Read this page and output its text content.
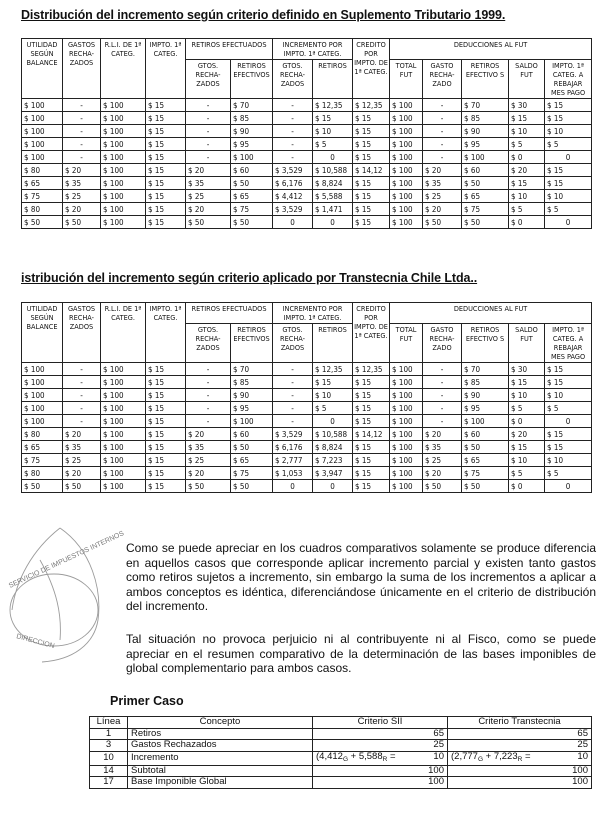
Distribución del incremento según criterio definido en Suplemento Tributario 1999.
UTILIDAD SEGÚN BALANCE	GASTOS RECHA-ZADOS	R.L.I. DE 1ª CATEG.	IMPTO. 1ª CATEG.	RETIROS EFECTUADOS		INCREMENTO POR IMPTO. 1ª CATEG.		CREDITO POR IMPTO. DE 1ª CATEG.	DEDUCCIONES AL FUT				
				GTOS. RECHA-ZADOS	RETIROS EFECTIVOS	GTOS. RECHA-ZADOS	RETIROS		TOTAL FUT	GASTO RECHA-ZADO	RETIROS EFECTIVO S	SALDO FUT	IMPTO. 1ª CATEG. A REBAJAR MES PAGO
$ 100	-	$ 100	$ 15	-	$ 70	-	$ 12,35	$ 12,35	$ 100	-	$ 70	$ 30	$ 15
$ 100	-	$ 100	$ 15	-	$ 85	-	$ 15	$ 15	$ 100	-	$ 85	$ 15	$ 15
$ 100	-	$ 100	$ 15	-	$ 90	-	$ 10	$ 15	$ 100	-	$ 90	$ 10	$ 10
$ 100	-	$ 100	$ 15	-	$ 95	-	$ 5	$ 15	$ 100	-	$ 95	$ 5	$ 5
$ 100	-	$ 100	$ 15	-	$ 100	-	0	$ 15	$ 100	-	$ 100	$ 0	0
$ 80	$ 20	$ 100	$ 15	$ 20	$ 60	$ 3,529	$ 10,588	$ 14,12	$ 100	$ 20	$ 60	$ 20	$ 15
$ 65	$ 35	$ 100	$ 15	$ 35	$ 50	$ 6,176	$ 8,824	$ 15	$ 100	$ 35	$ 50	$ 15	$ 15
$ 75	$ 25	$ 100	$ 15	$ 25	$ 65	$ 4,412	$ 5,588	$ 15	$ 100	$ 25	$ 65	$ 10	$ 10
$ 80	$ 20	$ 100	$ 15	$ 20	$ 75	$ 3,529	$ 1,471	$ 15	$ 100	$ 20	$ 75	$ 5	$ 5
$ 50	$ 50	$ 100	$ 15	$ 50	$ 50	0	0	$ 15	$ 100	$ 50	$ 50	$ 0	0
istribución del incremento según criterio aplicado por Transtecnia Chile Ltda..
UTILIDAD SEGÚN BALANCE	GASTOS RECHA-ZADOS	R.L.I. DE 1ª CATEG.	IMPTO. 1ª CATEG.	RETIROS EFECTUADOS		INCREMENTO POR IMPTO. 1ª CATEG.		CREDITO POR IMPTO. DE 1ª CATEG.	DEDUCCIONES AL FUT				
				GTOS. RECHA-ZADOS	RETIROS EFECTIVOS	GTOS. RECHA-ZADOS	RETIROS		TOTAL FUT	GASTO RECHA-ZADO	RETIROS EFECTIVO S	SALDO FUT	IMPTO. 1ª CATEG. A REBAJAR MES PAGO
$ 100	-	$ 100	$ 15	-	$ 70	-	$ 12,35	$ 12,35	$ 100	-	$ 70	$ 30	$ 15
$ 100	-	$ 100	$ 15	-	$ 85	-	$ 15	$ 15	$ 100	-	$ 85	$ 15	$ 15
$ 100	-	$ 100	$ 15	-	$ 90	-	$ 10	$ 15	$ 100	-	$ 90	$ 10	$ 10
$ 100	-	$ 100	$ 15	-	$ 95	-	$ 5	$ 15	$ 100	-	$ 95	$ 5	$ 5
$ 100	-	$ 100	$ 15	-	$ 100	-	0	$ 15	$ 100	-	$ 100	$ 0	0
$ 80	$ 20	$ 100	$ 15	$ 20	$ 60	$ 3,529	$ 10,588	$ 14,12	$ 100	$ 20	$ 60	$ 20	$ 15
$ 65	$ 35	$ 100	$ 15	$ 35	$ 50	$ 6,176	$ 8,824	$ 15	$ 100	$ 35	$ 50	$ 15	$ 15
$ 75	$ 25	$ 100	$ 15	$ 25	$ 65	$ 2,777	$ 7,223	$ 15	$ 100	$ 25	$ 65	$ 10	$ 10
$ 80	$ 20	$ 100	$ 15	$ 20	$ 75	$ 1,053	$ 3,947	$ 15	$ 100	$ 20	$ 75	$ 5	$ 5
$ 50	$ 50	$ 100	$ 15	$ 50	$ 50	0	0	$ 15	$ 100	$ 50	$ 50	$ 0	0
SERVICIO DE IMPUESTOS INTERNOS
DIRECCION

Como se puede apreciar en los cuadros comparativos solamente se produce diferencia en aquellos casos que corresponde aplicar incremento parcial y existen tanto gastos como retiros sujetos a incremento, sin embargo la suma de los incrementos a aplicar a ambos conceptos es idéntica, diferenciándose únicamente en el criterio de distribución del incremento.

Tal situación no provoca perjuicio ni al contribuyente ni al Fisco, como se puede apreciar en el resumen comparativo de la determinación de las bases imponibles de global complementario para ambos casos.

Primer Caso
Línea	Concepto	Criterio SII	Criterio Transtecnia
1	Retiros	65	65
3	Gastos Rechazados	25	25
10	Incremento	($4,412_G + 5,588_R = 10$	($2,777_G + 7,223_R = 10$

14	Subtotal	100	100
17	Base Imponible Global	100	100
